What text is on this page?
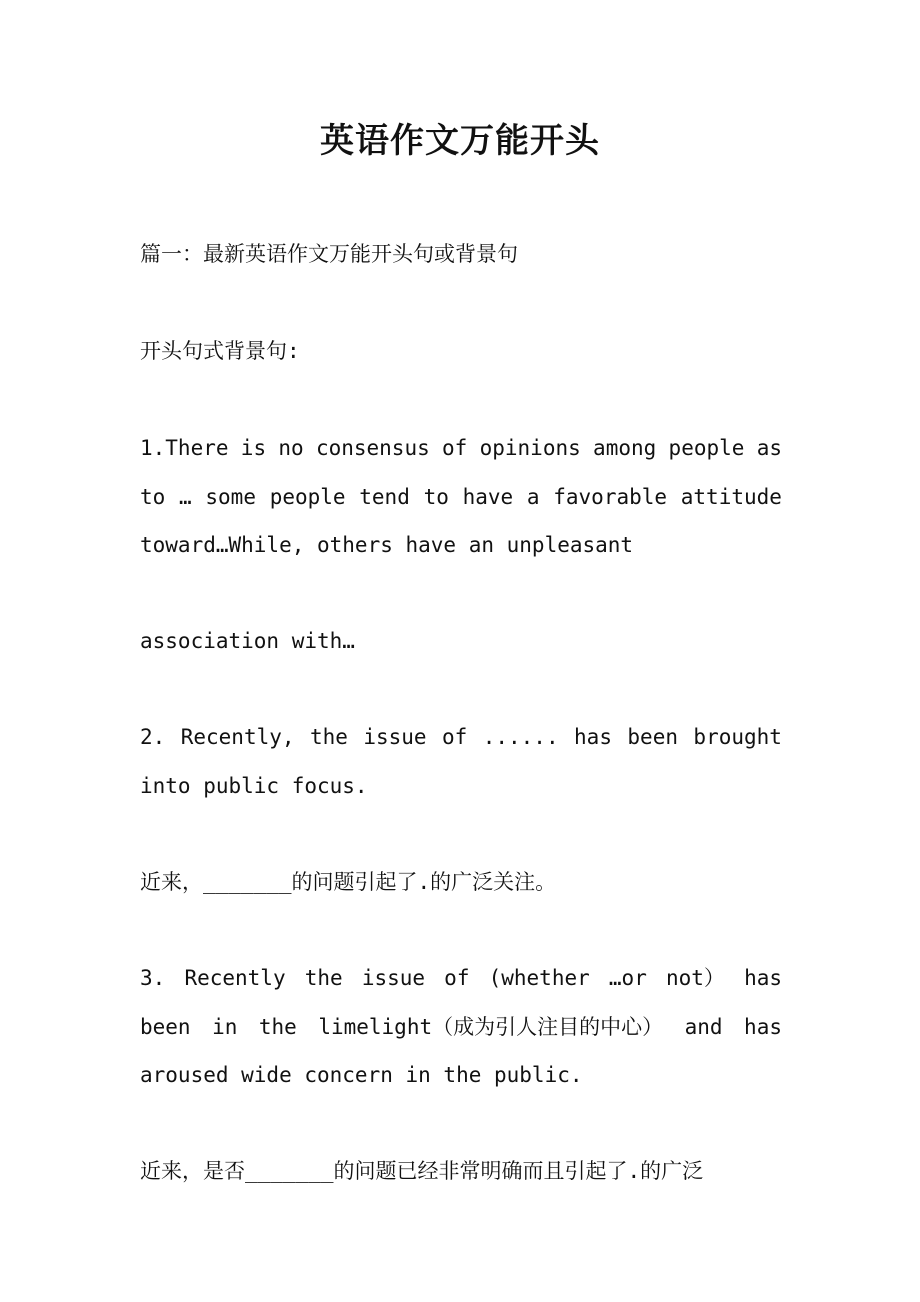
英语作文万能开头
篇一：最新英语作文万能开头句或背景句
开头句式背景句:
1.There is no consensus of opinions among people as
to … some people tend to have a favorable attitude
toward…While, others have an unpleasant
association with…
2. Recently, the issue of ...... has been brought
into public focus.
近来，_______的问题引起了.的广泛关注。
3. Recently the issue of (whether …or not） has
been in the limelight（成为引人注目的中心） and has
aroused wide concern in the public.
近来，是否_______的问题已经非常明确而且引起了.的广泛
